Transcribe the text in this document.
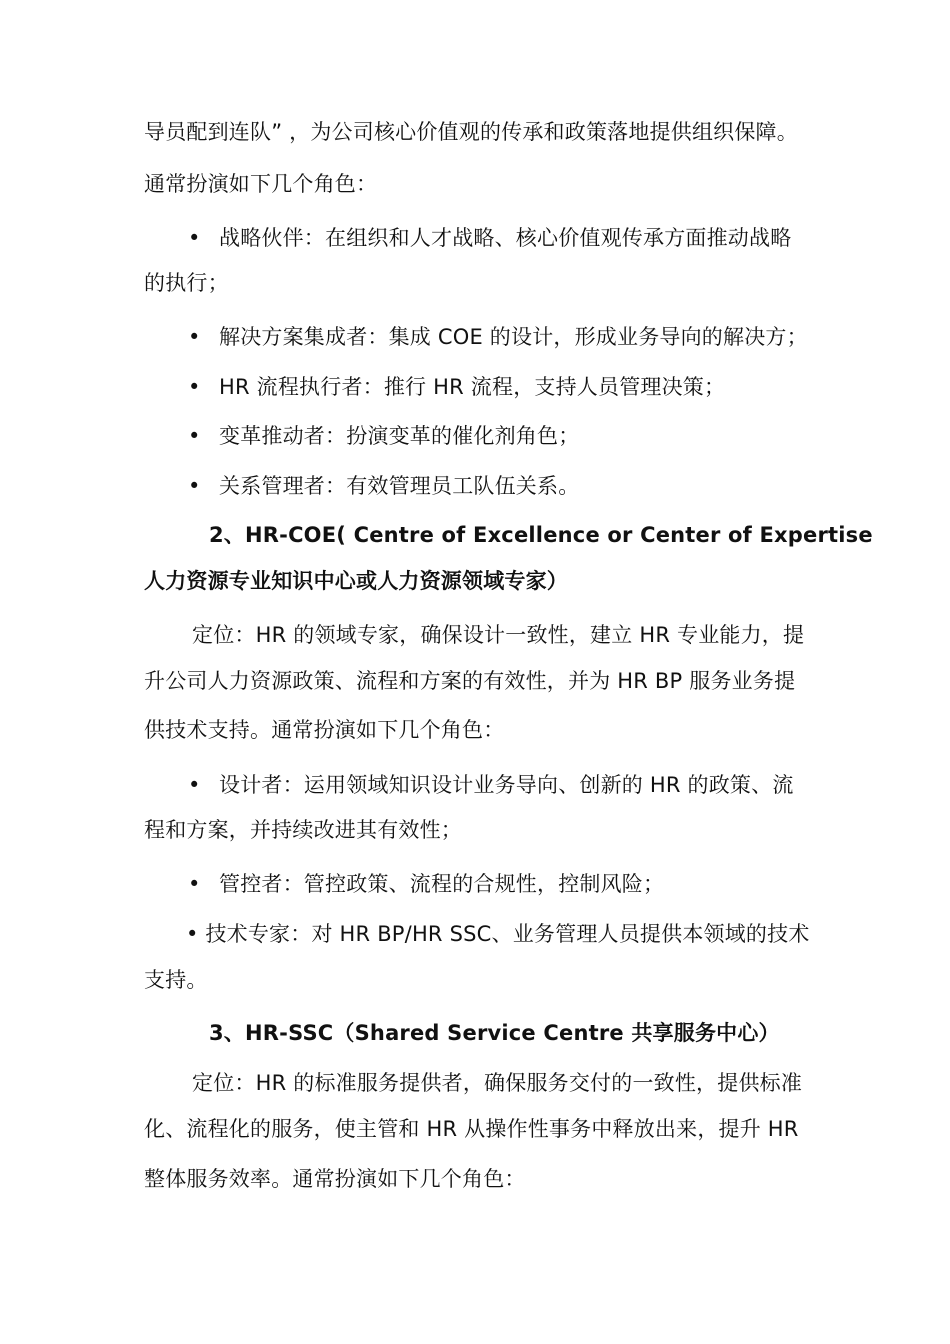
导员配到连队” ，为公司核心价值观的传承和政策落地提供组织保障。
通常扮演如下几个角色：
• 战略伙伴：在组织和人才战略、核心价值观传承方面推动战略
的执行；
• 解决方案集成者：集成 COE 的设计，形成业务导向的解决方；
• HR 流程执行者：推行 HR 流程，支持人员管理决策；
• 变革推动者：扮演变革的催化剂角色；
• 关系管理者：有效管理员工队伍关系。
2、HR-COE( Centre of Excellence or Center of Expertise
人力资源专业知识中心或人力资源领域专家）
定位：HR 的领域专家，确保设计一致性，建立 HR 专业能力，提
升公司人力资源政策、流程和方案的有效性，并为 HR BP 服务业务提
供技术支持。通常扮演如下几个角色：
• 设计者：运用领域知识设计业务导向、创新的 HR 的政策、流
程和方案，并持续改进其有效性；
• 管控者：管控政策、流程的合规性，控制风险；
• 技术专家：对 HR BP/HR SSC、业务管理人员提供本领域的技术
支持。
3、HR-SSC（Shared Service Centre 共享服务中心）
定位：HR 的标准服务提供者，确保服务交付的一致性，提供标准
化、流程化的服务，使主管和 HR 从操作性事务中释放出来，提升 HR
整体服务效率。通常扮演如下几个角色：
